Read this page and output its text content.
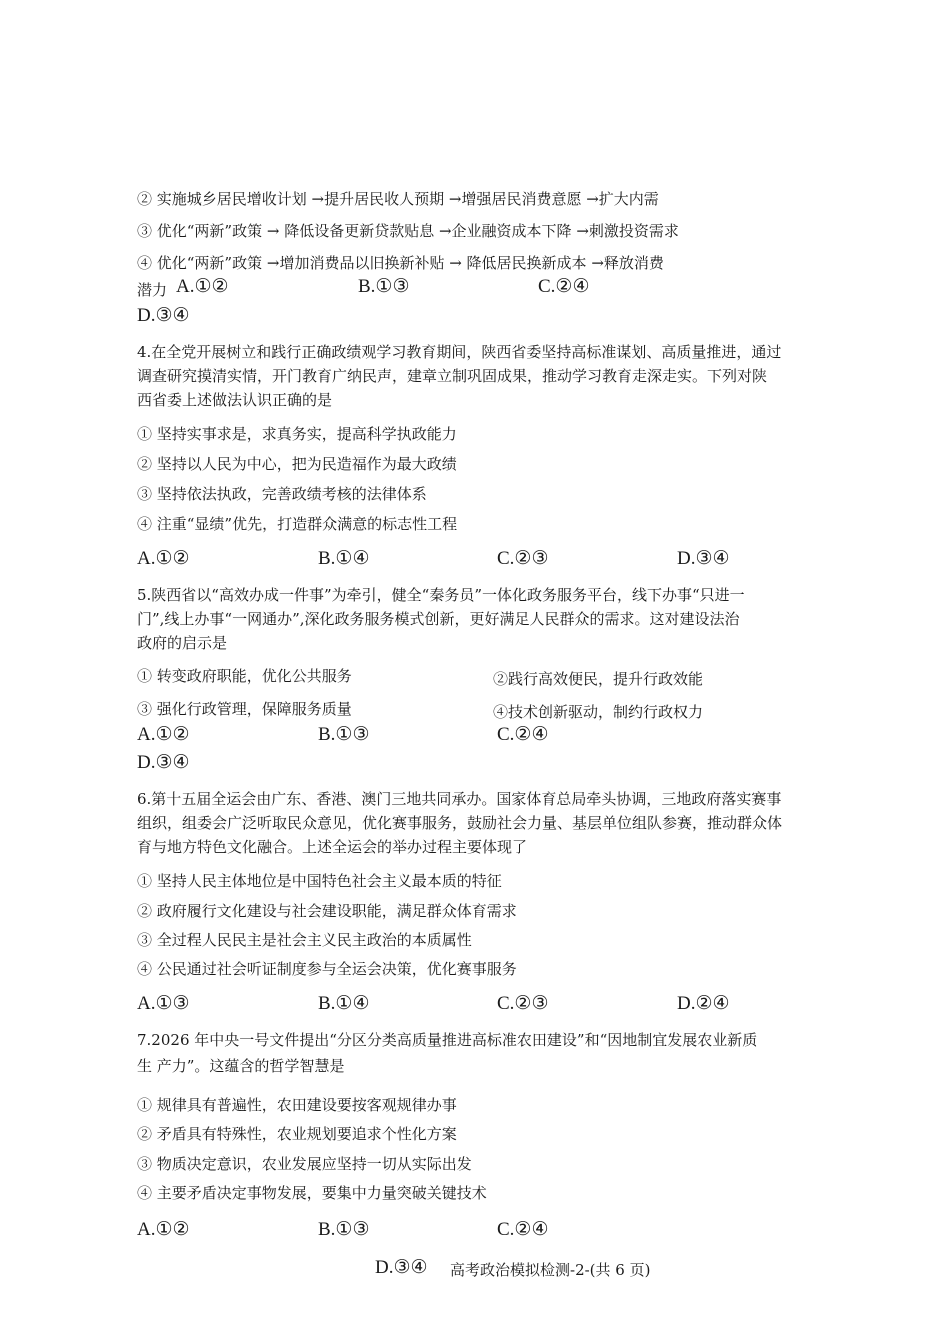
② 实施城乡居民增收计划 →提升居民收人预期 →增强居民消费意愿 →扩大内需
③ 优化“两新”政策 → 降低设备更新贷款贴息 →企业融资成本下降 →刺激投资需求
④ 优化“两新”政策 →增加消费品以旧换新补贴 → 降低居民换新成本 →释放消费
潜力 A.①②	B.①③	C.②④
D.③④
4.在全党开展树立和践行正确政绩观学习教育期间，陕西省委坚持高标准谋划、高质量推进，通过
调查研究摸清实情，开门教育广纳民声，建章立制巩固成果，推动学习教育走深走实。下列对陕
西省委上述做法认识正确的是
① 坚持实事求是，求真务实，提高科学执政能力
② 坚持以人民为中心，把为民造福作为最大政绩
③ 坚持依法执政，完善政绩考核的法律体系
④ 注重“显绩”优先，打造群众满意的标志性工程
A.①②	B.①④	C.②③	D.③④
5.陕西省以“高效办成一件事”为牵引，健全“秦务员”一体化政务服务平台，线下办事“只进一
门”,线上办事“一网通办”,深化政务服务模式创新，更好满足人民群众的需求。这对建设法治
政府的启示是
① 转变政府职能，优化公共服务	②践行高效便民，提升行政效能
③ 强化行政管理，保障服务质量	④技术创新驱动，制约行政权力
A.①②	B.①③	C.②④
D.③④
6.第十五届全运会由广东、香港、澳门三地共同承办。国家体育总局牵头协调，三地政府落实赛事
组织，组委会广泛听取民众意见，优化赛事服务，鼓励社会力量、基层单位组队参赛，推动群众体
育与地方特色文化融合。上述全运会的举办过程主要体现了
① 坚持人民主体地位是中国特色社会主义最本质的特征
② 政府履行文化建设与社会建设职能，满足群众体育需求
③ 全过程人民民主是社会主义民主政治的本质属性
④ 公民通过社会听证制度参与全运会决策，优化赛事服务
A.①③	B.①④	C.②③	D.②④
7.2026 年中央一号文件提出“分区分类高质量推进高标准农田建设”和“因地制宜发展农业新质
生 产力”。这蕴含的哲学智慧是
① 规律具有普遍性，农田建设要按客观规律办事
② 矛盾具有特殊性，农业规划要追求个性化方案
③ 物质决定意识，农业发展应坚持一切从实际出发
④ 主要矛盾决定事物发展，要集中力量突破关键技术
A.①②	B.①③	C.②④
D.③④ 高考政治模拟检测-2-(共 6 页)
